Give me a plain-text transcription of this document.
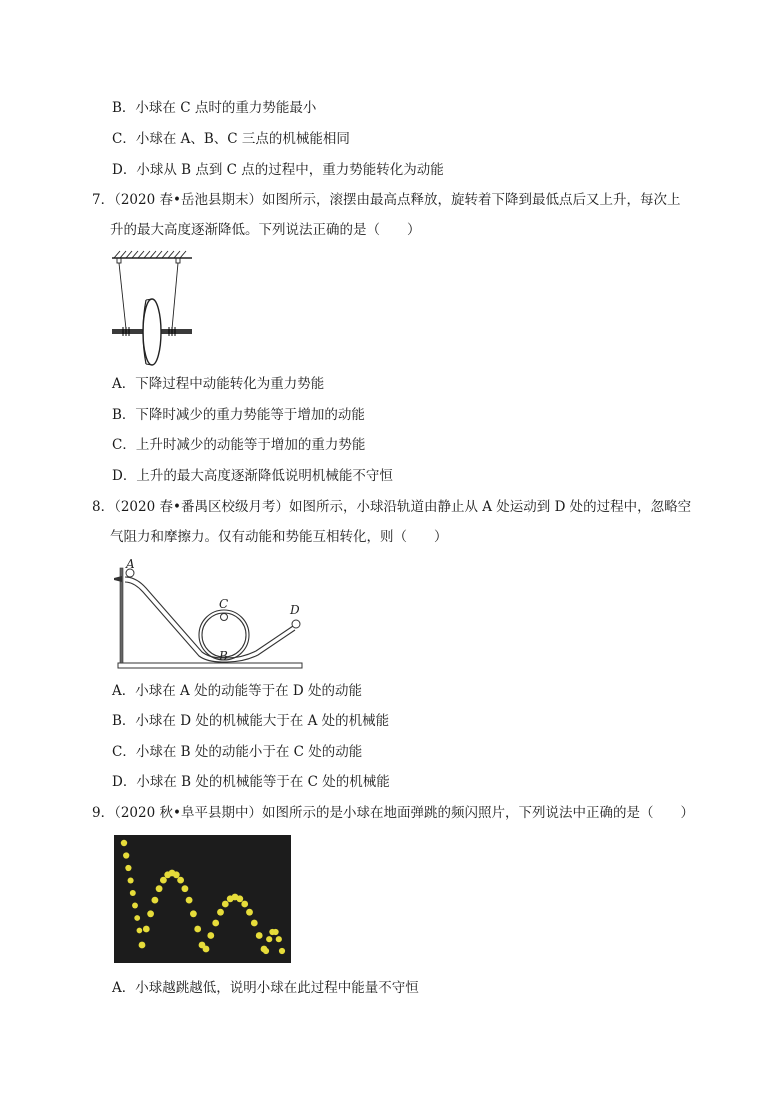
B．小球在 C 点时的重力势能最小
C．小球在 A、B、C 三点的机械能相同
D．小球从 B 点到 C 点的过程中，重力势能转化为动能
7．（2020 春•岳池县期末）如图所示，滚摆由最高点释放，旋转着下降到最低点后又上升，每次上
升的最大高度逐渐降低。下列说法正确的是（　　）
A．下降过程中动能转化为重力势能
B．下降时减少的重力势能等于增加的动能
C．上升时减少的动能等于增加的重力势能
D．上升的最大高度逐渐降低说明机械能不守恒
8．（2020 春•番禺区校级月考）如图所示，小球沿轨道由静止从 A 处运动到 D 处的过程中，忽略空
气阻力和摩擦力。仅有动能和势能互相转化，则（　　）
A
C	D
B
A．小球在 A 处的动能等于在 D 处的动能
B．小球在 D 处的机械能大于在 A 处的机械能
C．小球在 B 处的动能小于在 C 处的动能
D．小球在 B 处的机械能等于在 C 处的机械能
9．（2020 秋•阜平县期中）如图所示的是小球在地面弹跳的频闪照片，下列说法中正确的是（　　）
A．小球越跳越低，说明小球在此过程中能量不守恒
